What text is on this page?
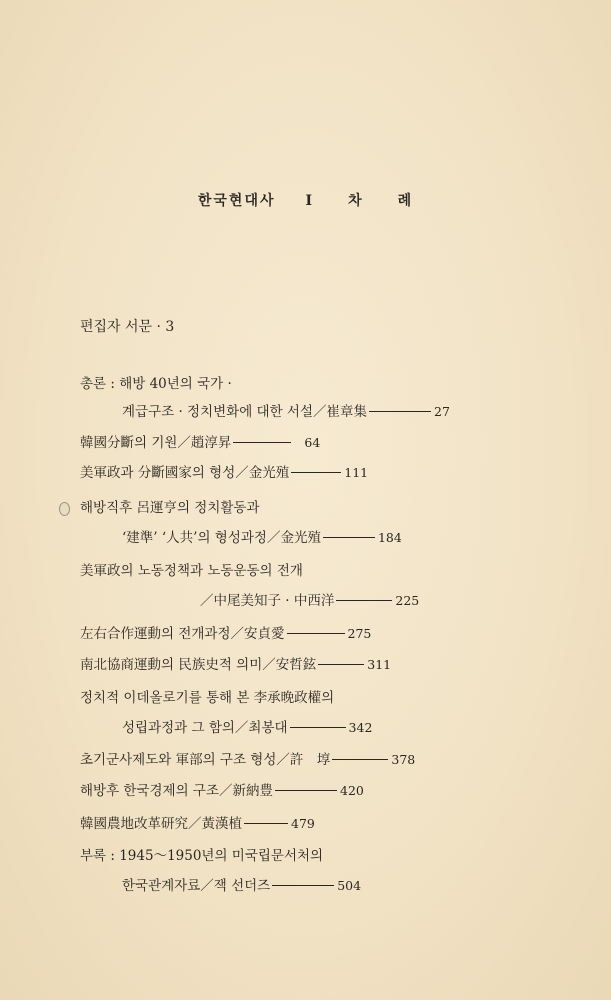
한국현대사 I 차 례
편집자 서문 · 3
총론 : 해방 40년의 국가 ·
계급구조 · 정치변화에 대한 서설／崔章集	27
韓國分斷의 기원／趙淳昇	64
美軍政과 分斷國家의 형성／金光殖	111
해방직후 呂運亨의 정치활동과
‘建準’ ‘人共’의 형성과정／金光殖	184
美軍政의 노동정책과 노동운동의 전개
／中尾美知子 · 中西洋	225
左右合作運動의 전개과정／安貞愛	275
南北協商運動의 民族史적 의미／安哲鉉	311
정치적 이데올로기를 통해 본 李承晚政權의
성립과정과 그 함의／최봉대	342
초기군사제도와 軍部의 구조 형성／許　埻	378
해방후 한국경제의 구조／新納豊	420
韓國農地改革研究／黃漢植	479
부록 : 1945～1950년의 미국립문서처의
한국관계자료／잭 선더즈	504
